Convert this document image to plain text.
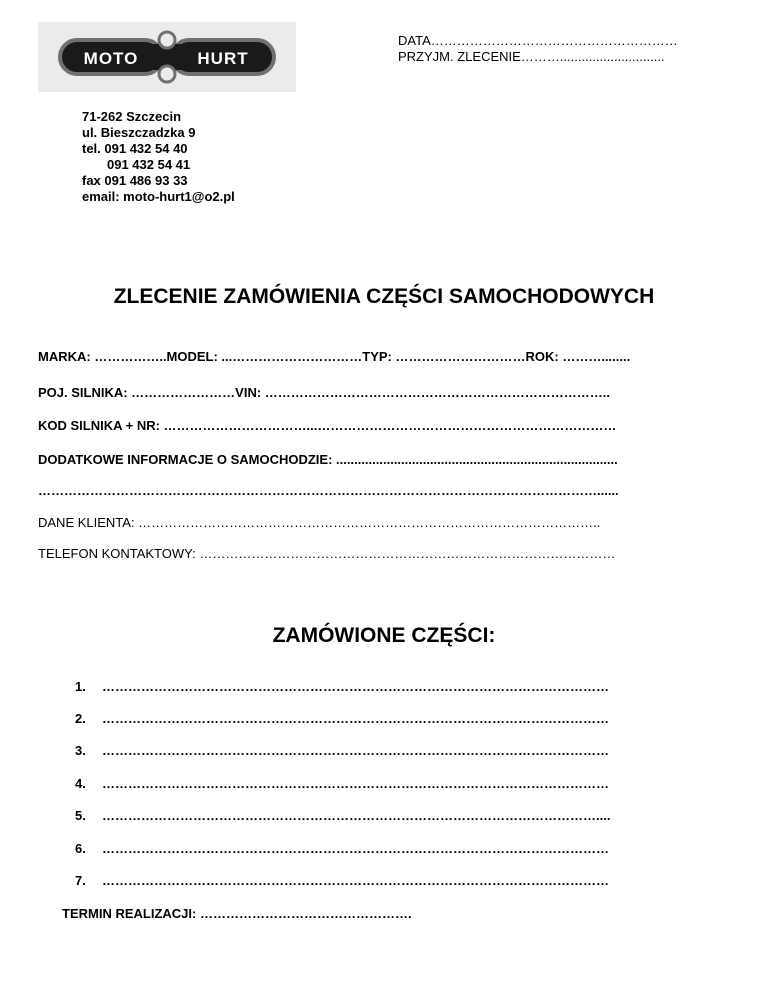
MOTO	HURT
DATA…………………………………………………
PRZYJM. ZLECENIE……….............................
71-262 Szczecin
ul. Bieszczadzka 9
tel. 091 432 54 40
091 432 54 41
fax 091 486 93 33
email: moto-hurt1@o2.pl
ZLECENIE ZAMÓWIENIA CZĘŚCI SAMOCHODOWYCH
MARKA: ……………..MODEL: ...…………………………TYP: …………………………ROK: ………........
POJ. SILNIKA: ……………………VIN: ……………………………………………………………………..
KOD SILNIKA + NR: ……………………………...……………………………………………………………
DODATKOWE INFORMACJE O SAMOCHODZIE: ..............................................................................
…………………………………………………………………………………………………………………......
DANE KLIENTA: ……………………………………………………………………………………………..
TELEFON KONTAKTOWY: ……………………………………………………………………………………
ZAMÓWIONE CZĘŚCI:
1. ………………………………………………………………………………………………………
2. ………………………………………………………………………………………………………
3. ………………………………………………………………………………………………………
4. ………………………………………………………………………………………………………
5. ……………………………………………………………………………………………………....
6. ………………………………………………………………………………………………………
7. ………………………………………………………………………………………………………
TERMIN REALIZACJI: ………………………………………….
